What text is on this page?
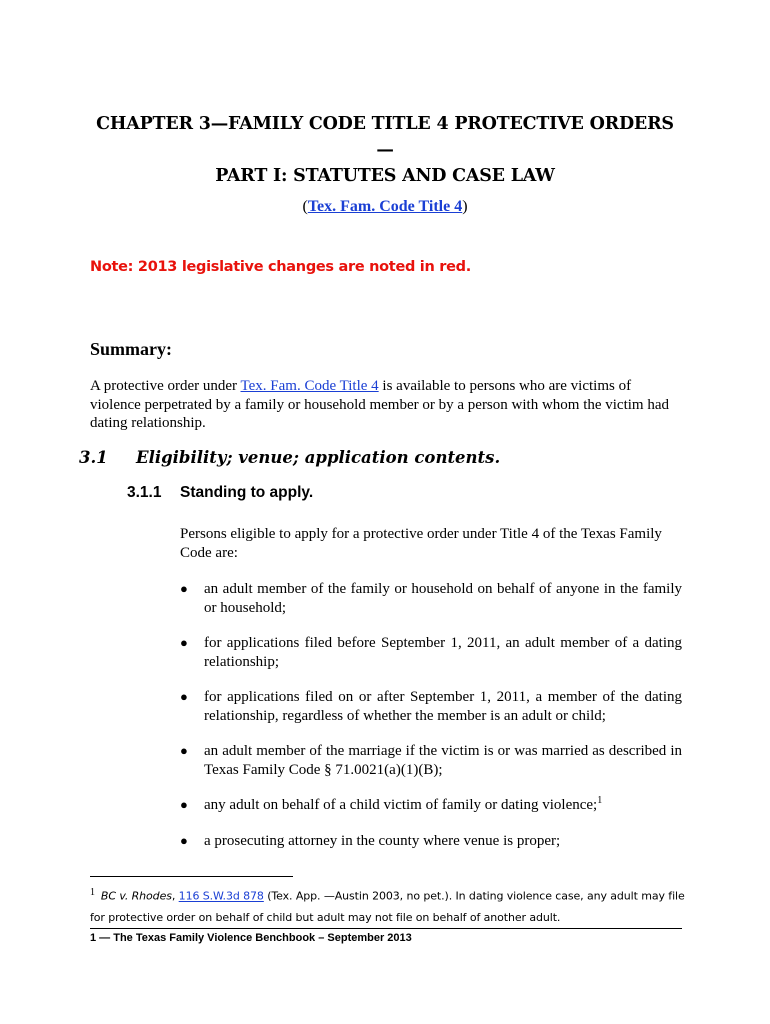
CHAPTER 3—FAMILY CODE TITLE 4 PROTECTIVE ORDERS—
PART I: STATUTES AND CASE LAW
(Tex. Fam. Code Title 4)
Note: 2013 legislative changes are noted in red.
Summary:
A protective order under Tex. Fam. Code Title 4 is available to persons who are victims of violence perpetrated by a family or household member or by a person with whom the victim had dating relationship.
3.1 Eligibility; venue; application contents.
3.1.1 Standing to apply.
Persons eligible to apply for a protective order under Title 4 of the Texas Family Code are:
● an adult member of the family or household on behalf of anyone in the family or household;
● for applications filed before September 1, 2011, an adult member of a dating relationship;
● for applications filed on or after September 1, 2011, a member of the dating relationship, regardless of whether the member is an adult or child;
● an adult member of the marriage if the victim is or was married as described in Texas Family Code § 71.0021(a)(1)(B);
● any adult on behalf of a child victim of family or dating violence;$^1$
● a prosecuting attorney in the county where venue is proper;
$^1$ BC v. Rhodes, 116 S.W.3d 878 (Tex. App. —Austin 2003, no pet.). In dating violence case, any adult may file for protective order on behalf of child but adult may not file on behalf of another adult.
1 — The Texas Family Violence Benchbook – September 2013
